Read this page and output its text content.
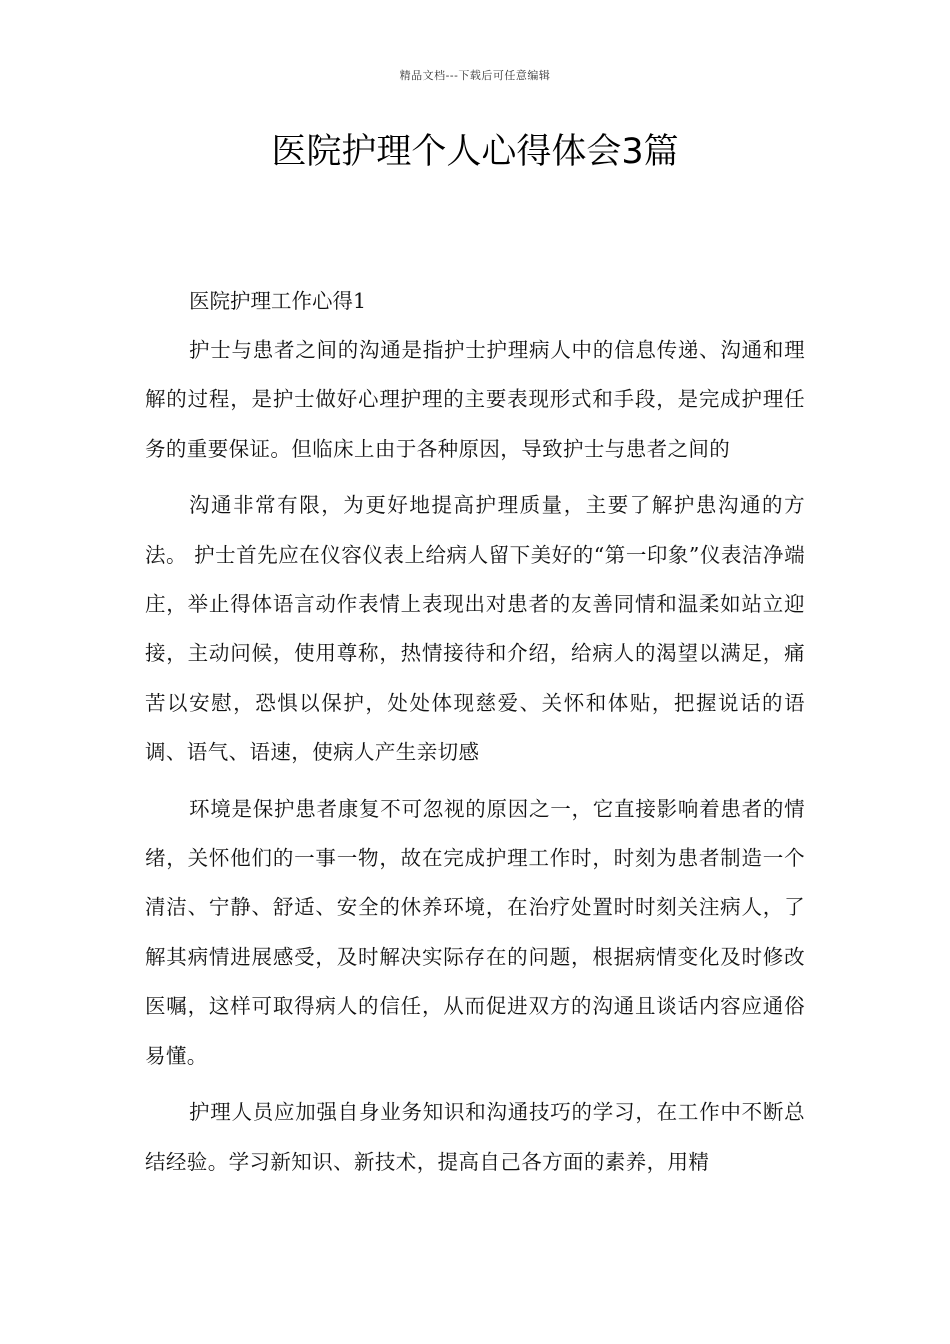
精品文档---下载后可任意编辑
医院护理个人心得体会3篇

医院护理工作心得1

护士与患者之间的沟通是指护士护理病人中的信息传递、沟通和理解的过程，是护士做好心理护理的主要表现形式和手段，是完成护理任务的重要保证。但临床上由于各种原因，导致护士与患者之间的

沟通非常有限，为更好地提高护理质量，主要了解护患沟通的方法。 护士首先应在仪容仪表上给病人留下美好的“第一印象”仪表洁净端庄，举止得体语言动作表情上表现出对患者的友善同情和温柔如站立迎接，主动问候，使用尊称，热情接待和介绍，给病人的渴望以满足，痛苦以安慰，恐惧以保护，处处体现慈爱、关怀和体贴，把握说话的语调、语气、语速，使病人产生亲切感

环境是保护患者康复不可忽视的原因之一，它直接影响着患者的情绪，关怀他们的一事一物，故在完成护理工作时，时刻为患者制造一个清洁、宁静、舒适、安全的休养环境，在治疗处置时时刻关注病人，了解其病情进展感受，及时解决实际存在的问题，根据病情变化及时修改医嘱，这样可取得病人的信任，从而促进双方的沟通且谈话内容应通俗易懂。

护理人员应加强自身业务知识和沟通技巧的学习，在工作中不断总结经验。学习新知识、新技术，提高自己各方面的素养，用精
